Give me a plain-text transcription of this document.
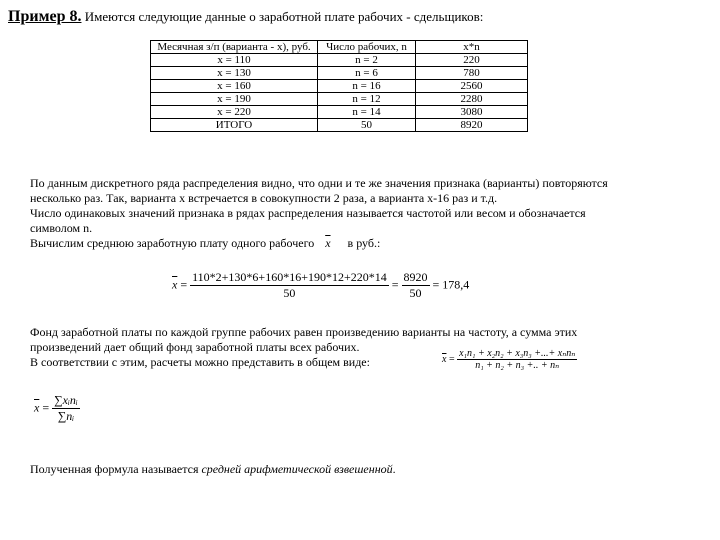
Пример 8. Имеются следующие данные о заработной плате рабочих - сдельщиков:
Месячная з/п (варианта - x), руб.	Число рабочих, n	x*n
x = 110	n = 2	220
x = 130	n = 6	780
x = 160	n = 16	2560
x = 190	n = 12	2280
x = 220	n = 14	3080
ИТОГО	50	8920
По данным дискретного ряда распределения видно, что одни и те же значения признака (варианты) повторяются
несколько раз. Так, варианта x встречается в совокупности 2 раза, а варианта x-16 раз и т.д.
Число одинаковых значений признака в рядах распределения называется частотой или весом и обозначается
символом n.
Вычислим среднюю заработную плату одного рабочего $\overline{x}$ в руб.:
$\overline{x} = \frac{110*2+130*6+160*16+190*12+220*14}{50} = \frac{8920}{50} = 178,4$
Фонд заработной платы по каждой группе рабочих равен произведению варианты на частоту, а сумма этих
произведений дает общий фонд заработной платы всех рабочих.
В соответствии с этим, расчеты можно представить в общем виде:	$\overline{x} = \frac{\text{x₁n₁ + x₂n₂ + x₃n₃ +...+ xₙnₙ}}{\text{n₁ + n₂ + n₃ +.. + nₙ}}$
$\overline{x} = \frac{\text{∑xᵢnᵢ}}{\text{∑nᵢ}}$
Полученная формула называется средней арифметической взвешенной.
